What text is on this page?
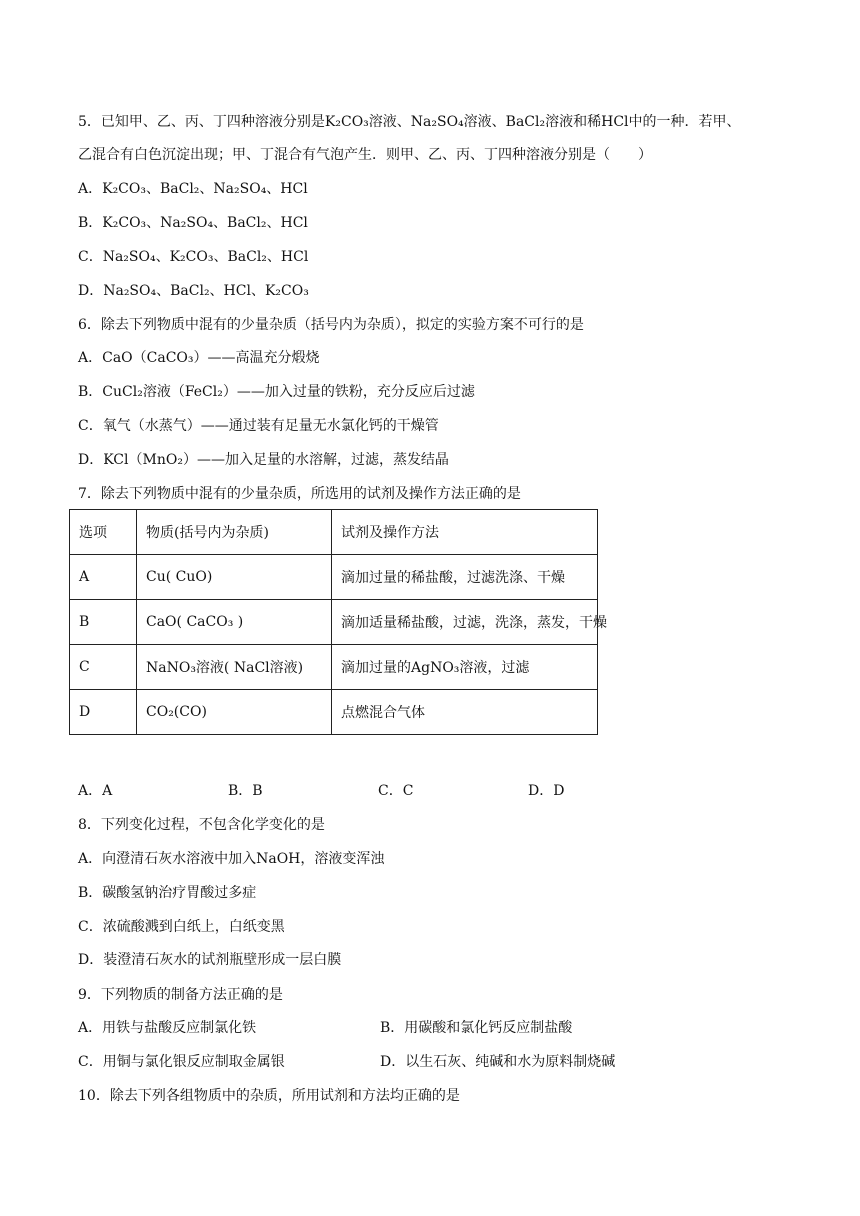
5．已知甲、乙、丙、丁四种溶液分别是K₂CO₃溶液、Na₂SO₄溶液、BaCl₂溶液和稀HCl中的一种．若甲、
乙混合有白色沉淀出现；甲、丁混合有气泡产生．则甲、乙、丙、丁四种溶液分别是（　　）
A．K₂CO₃、BaCl₂、Na₂SO₄、HCl
B．K₂CO₃、Na₂SO₄、BaCl₂、HCl
C．Na₂SO₄、K₂CO₃、BaCl₂、HCl
D．Na₂SO₄、BaCl₂、HCl、K₂CO₃
6．除去下列物质中混有的少量杂质（括号内为杂质），拟定的实验方案不可行的是
A．CaO（CaCO₃）——高温充分煅烧
B．CuCl₂溶液（FeCl₂）——加入过量的铁粉，充分反应后过滤
C．氧气（水蒸气）——通过装有足量无水氯化钙的干燥管
D．KCl（MnO₂）——加入足量的水溶解，过滤，蒸发结晶
7．除去下列物质中混有的少量杂质，所选用的试剂及操作方法正确的是
选项	物质(括号内为杂质)	试剂及操作方法
A	Cu( CuO)	滴加过量的稀盐酸，过滤洗涤、干燥
B	CaO( CaCO₃ )	滴加适量稀盐酸，过滤，洗涤，蒸发，干燥
C	NaNO₃溶液( NaCl溶液)	滴加过量的AgNO₃溶液，过滤
D	CO₂(CO)	点燃混合气体
A．A	B．B	C．C	D．D
8．下列变化过程，不包含化学变化的是
A．向澄清石灰水溶液中加入NaOH，溶液变浑浊
B．碳酸氢钠治疗胃酸过多症
C．浓硫酸溅到白纸上，白纸变黑
D．装澄清石灰水的试剂瓶壁形成一层白膜
9．下列物质的制备方法正确的是
A．用铁与盐酸反应制氯化铁	B．用碳酸和氯化钙反应制盐酸
C．用铜与氯化银反应制取金属银	D．以生石灰、纯碱和水为原料制烧碱
10．除去下列各组物质中的杂质，所用试剂和方法均正确的是
